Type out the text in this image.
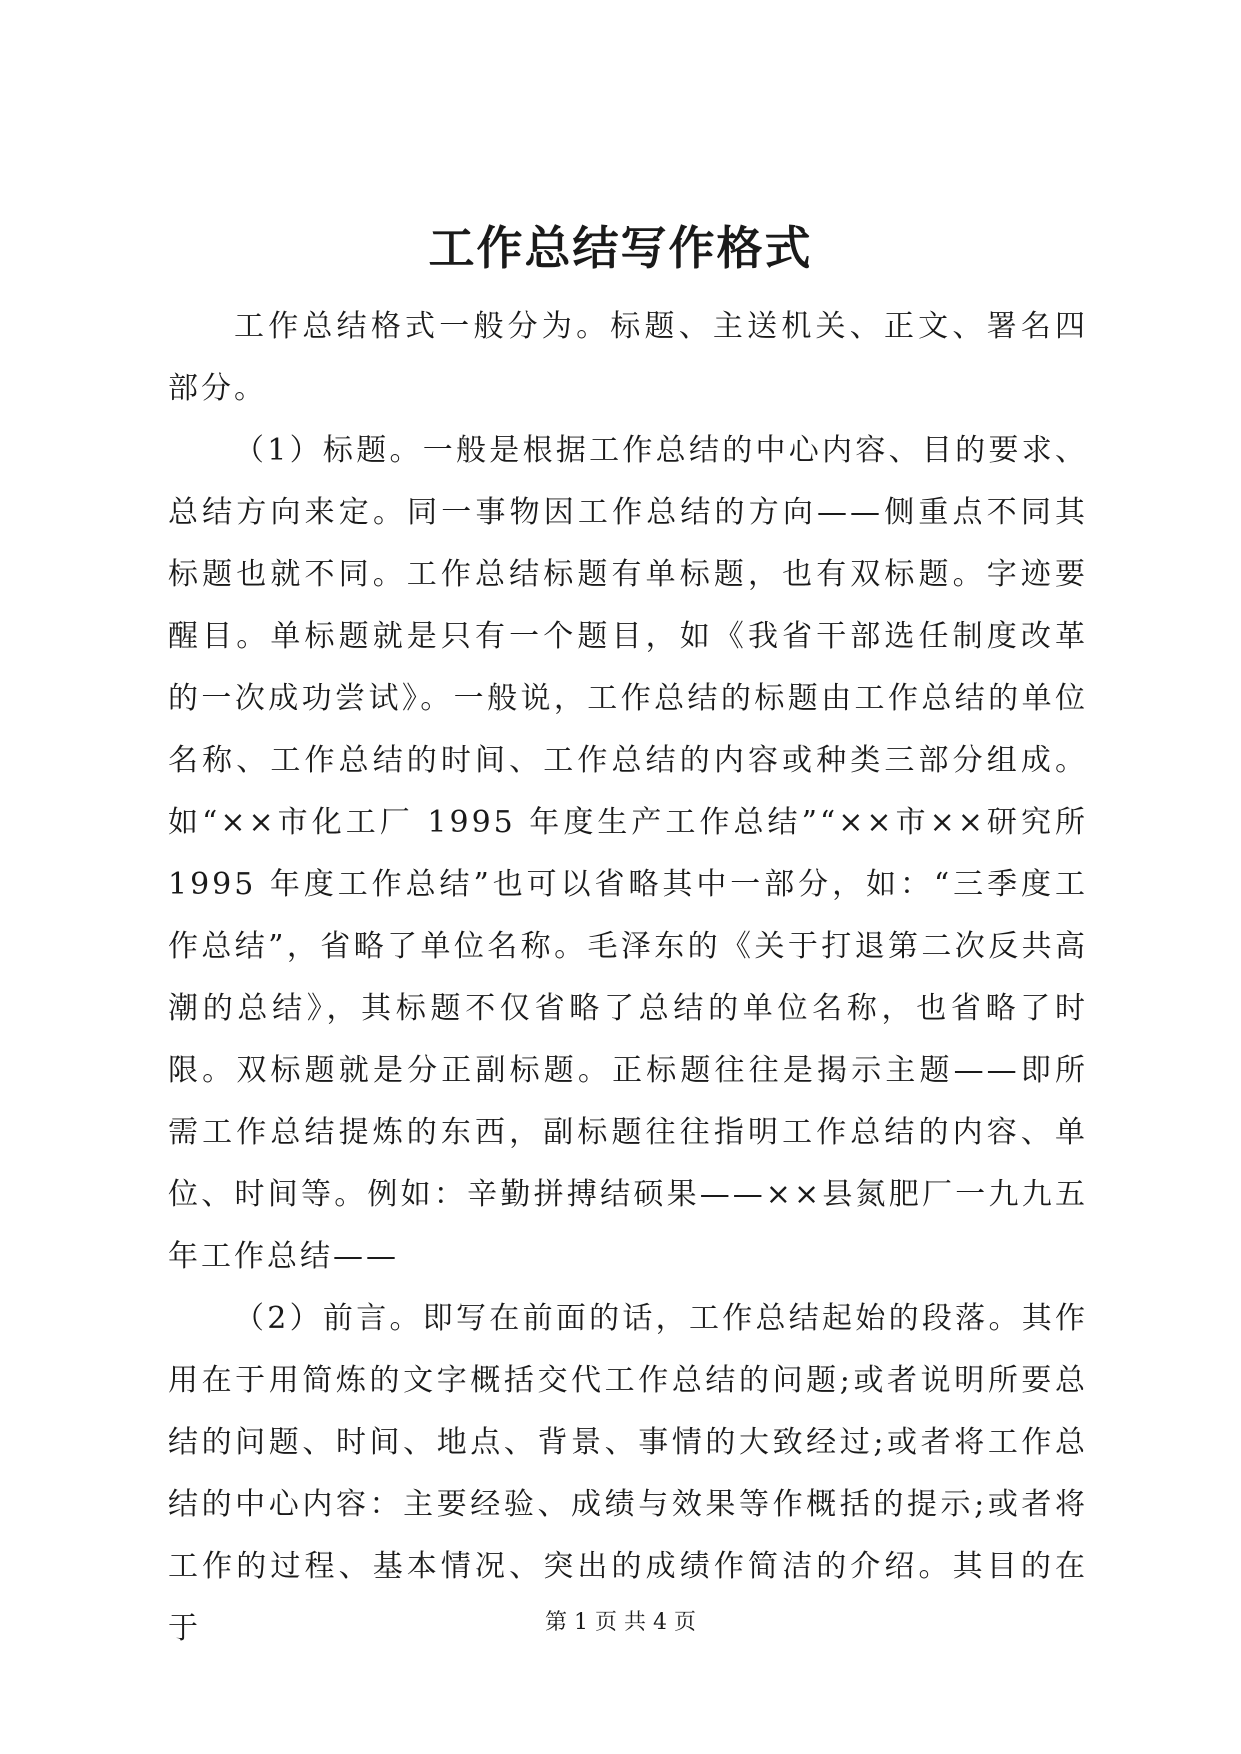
工作总结写作格式

工作总结格式一般分为。标题、主送机关、正文、署名四部分。

（1）标题。一般是根据工作总结的中心内容、目的要求、总结方向来定。同一事物因工作总结的方向——侧重点不同其标题也就不同。工作总结标题有单标题，也有双标题。字迹要醒目。单标题就是只有一个题目，如《我省干部选任制度改革的一次成功尝试》。一般说，工作总结的标题由工作总结的单位名称、工作总结的时间、工作总结的内容或种类三部分组成。如“××市化工厂 1995 年度生产工作总结”“××市××研究所 1995 年度工作总结”也可以省略其中一部分，如：“三季度工作总结”，省略了单位名称。毛泽东的《关于打退第二次反共高潮的总结》，其标题不仅省略了总结的单位名称，也省略了时限。双标题就是分正副标题。正标题往往是揭示主题——即所需工作总结提炼的东西，副标题往往指明工作总结的内容、单位、时间等。例如：辛勤拼搏结硕果——××县氮肥厂一九九五年工作总结——

（2）前言。即写在前面的话，工作总结起始的段落。其作用在于用简炼的文字概括交代工作总结的问题;或者说明所要总结的问题、时间、地点、背景、事情的大致经过;或者将工作总结的中心内容：主要经验、成绩与效果等作概括的提示;或者将工作的过程、基本情况、突出的成绩作简洁的介绍。其目的在于	第 1 页 共 4 页
